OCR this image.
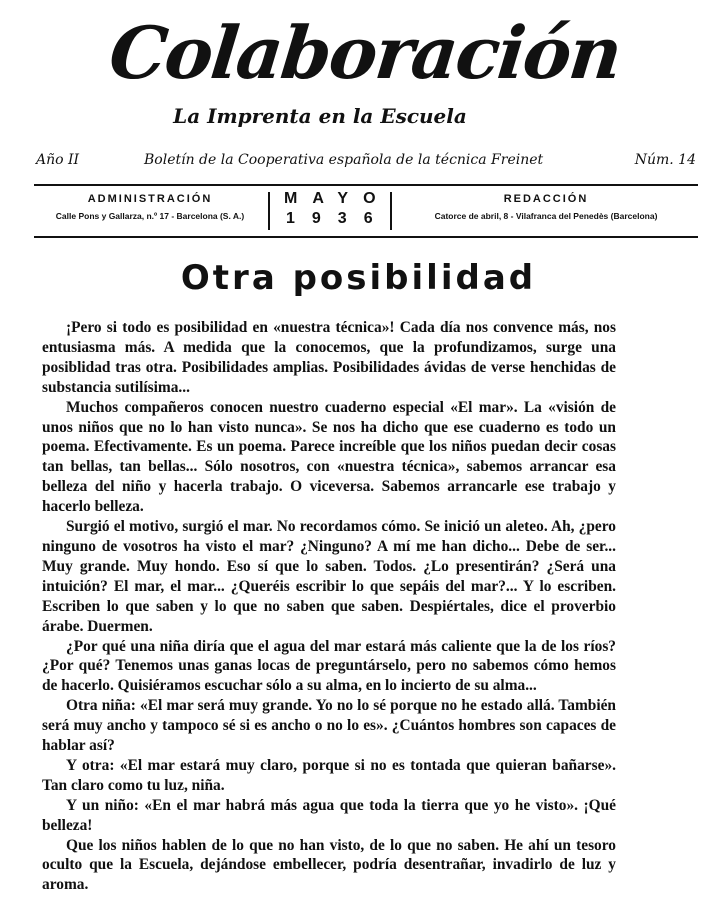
Colaboración
La Imprenta en la Escuela
Año II	Boletín de la Cooperativa española de la técnica Freinet	Núm. 14
ADMINISTRACIÓN
Calle Pons y Gallarza, n.º 17 - Barcelona (S. A.)
MAYO
1936
REDACCIÓN
Catorce de abril, 8 - Vilafranca del Penedès (Barcelona)
Otra posibilidad

¡Pero si todo es posibilidad en «nuestra técnica»! Cada día nos convence más, nos entusiasma más. A medida que la conocemos, que la profundizamos, surge una posiblidad tras otra. Posibilidades amplias. Posibilidades ávidas de verse henchidas de substancia sutilísima...

Muchos compañeros conocen nuestro cuaderno especial «El mar». La «visión de unos niños que no lo han visto nunca». Se nos ha dicho que ese cuaderno es todo un poema. Efectivamente. Es un poema. Parece increíble que los niños puedan decir cosas tan bellas, tan bellas... Sólo nosotros, con «nuestra técnica», sabemos arrancar esa belleza del niño y hacerla trabajo. O viceversa. Sabemos arrancarle ese trabajo y hacerlo belleza.

Surgió el motivo, surgió el mar. No recordamos cómo. Se inició un aleteo. Ah, ¿pero ninguno de vosotros ha visto el mar? ¿Ninguno? A mí me han dicho... Debe de ser... Muy grande. Muy hondo. Eso sí que lo saben. Todos. ¿Lo presentirán? ¿Será una intuición? El mar, el mar... ¿Queréis escribir lo que sepáis del mar?... Y lo escriben. Escriben lo que saben y lo que no saben que saben. Despiértales, dice el proverbio árabe. Duermen.

¿Por qué una niña diría que el agua del mar estará más caliente que la de los ríos? ¿Por qué? Tenemos unas ganas locas de preguntárselo, pero no sabemos cómo hemos de hacerlo. Quisiéramos escuchar sólo a su alma, en lo incierto de su alma...

Otra niña: «El mar será muy grande. Yo no lo sé porque no he estado allá. También será muy ancho y tampoco sé si es ancho o no lo es». ¿Cuántos hombres son capaces de hablar así?

Y otra: «El mar estará muy claro, porque si no es tontada que quieran bañarse». Tan claro como tu luz, niña.

Y un niño: «En el mar habrá más agua que toda la tierra que yo he visto». ¡Qué belleza!

Que los niños hablen de lo que no han visto, de lo que no saben. He ahí un tesoro oculto que la Escuela, dejándose embellecer, podría desentrañar, invadirlo de luz y aroma.
